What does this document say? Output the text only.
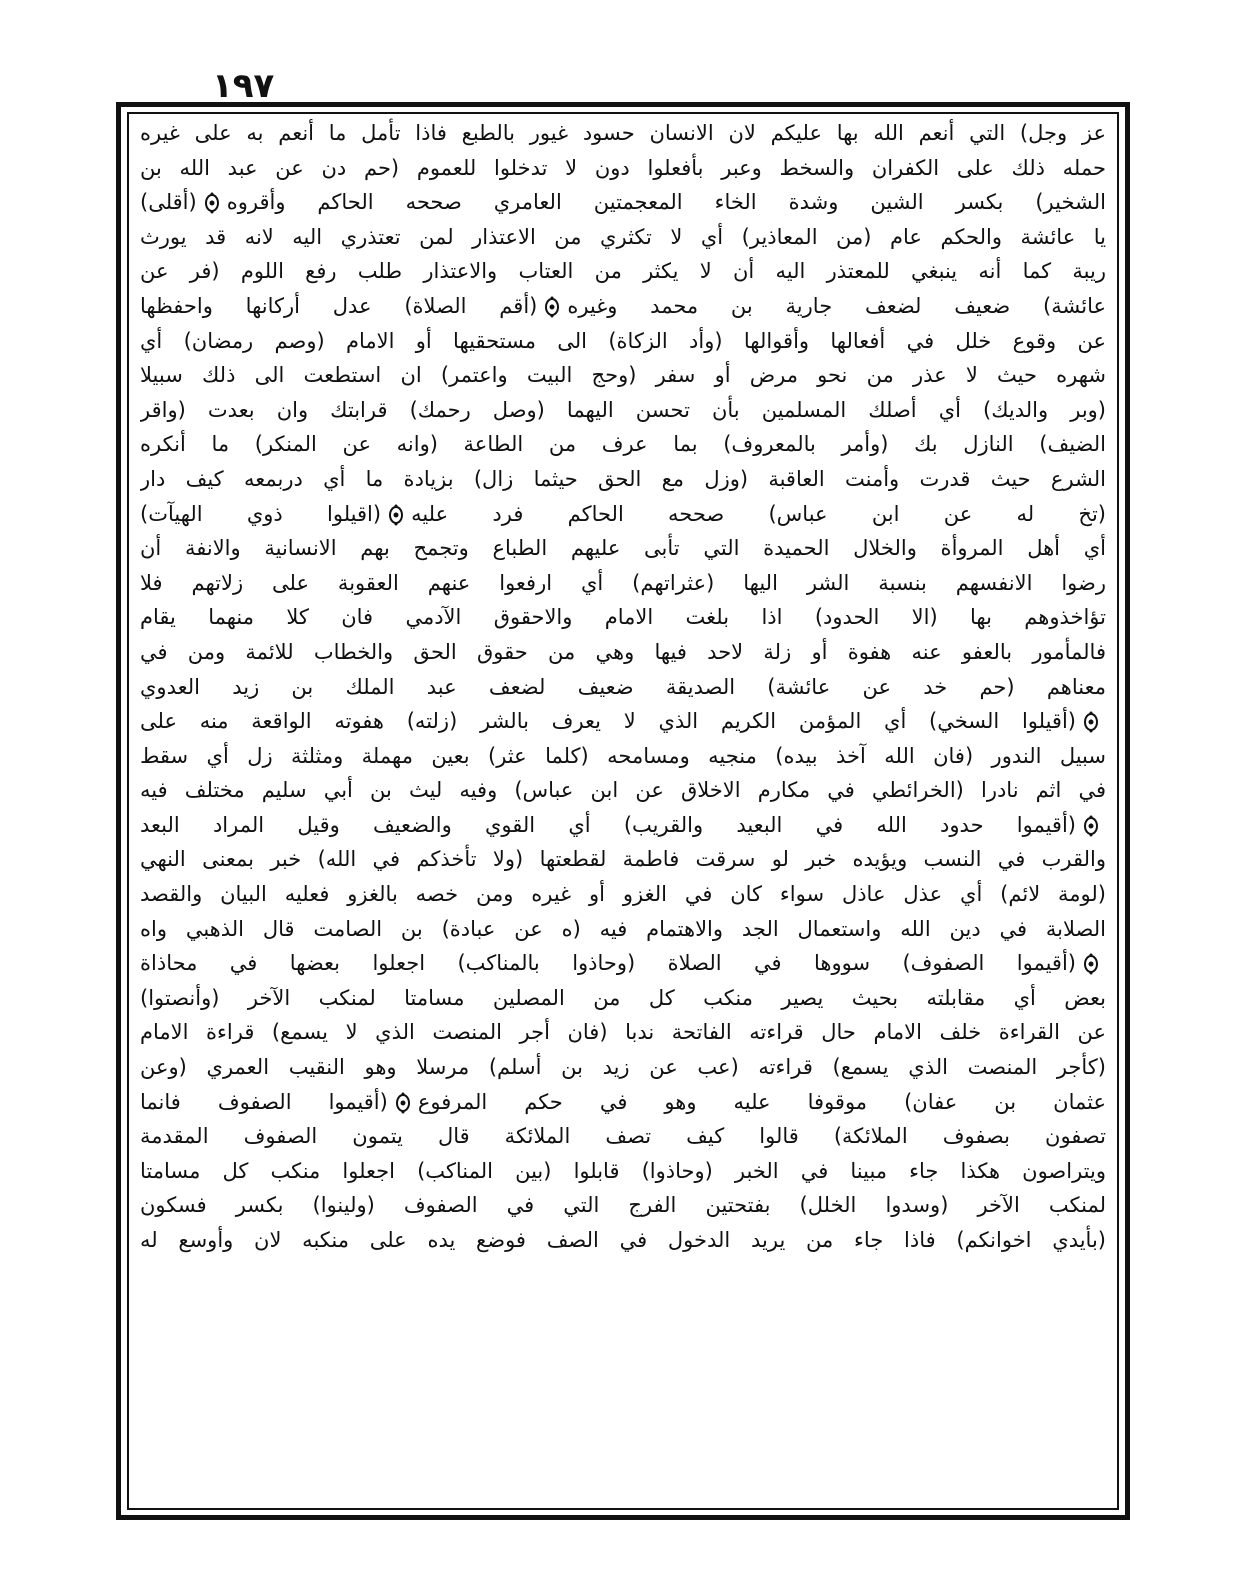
١٩٧
عز وجل) التي أنعم الله بها عليكم لان الانسان حسود غيور بالطبع فاذا تأمل ما أنعم به على غيره
حمله ذلك على الكفران والسخط وعبر بأفعلوا دون لا تدخلوا للعموم (حم دن عن عبد الله بن
الشخير) بكسر الشين وشدة الخاء المعجمتين العامري صححه الحاكم وأقروه
(أقلى)
يا عائشة والحكم عام (من المعاذير) أي لا تكثري من الاعتذار لمن تعتذري اليه لانه قد يورث
ريبة كما أنه ينبغي للمعتذر اليه أن لا يكثر من العتاب والاعتذار طلب رفع اللوم (فر عن
عائشة) ضعيف لضعف جارية بن محمد وغيره
(أقم الصلاة) عدل أركانها واحفظها
عن وقوع خلل في أفعالها وأقوالها (وأد الزكاة) الى مستحقيها أو الامام (وصم رمضان) أي
شهره حيث لا عذر من نحو مرض أو سفر (وحج البيت واعتمر) ان استطعت الى ذلك سبيلا
(وبر والديك) أي أصلك المسلمين بأن تحسن اليهما (وصل رحمك) قرابتك وان بعدت (واقر
الضيف) النازل بك (وأمر بالمعروف) بما عرف من الطاعة (وانه عن المنكر) ما أنكره
الشرع حيث قدرت وأمنت العاقبة (وزل مع الحق حيثما زال) بزيادة ما أي دربمعه كيف دار
(تخ له عن ابن عباس) صححه الحاكم فرد عليه
(اقيلوا ذوي الهيآت)
أي أهل المروأة والخلال الحميدة التي تأبى عليهم الطباع وتجمح بهم الانسانية والانفة أن
رضوا الانفسهم بنسبة الشر اليها (عثراتهم) أي ارفعوا عنهم العقوبة على زلاتهم فلا
تؤاخذوهم بها (الا الحدود) اذا بلغت الامام والاحقوق الآدمي فان كلا منهما يقام
فالمأمور بالعفو عنه هفوة أو زلة لاحد فيها وهي من حقوق الحق والخطاب للائمة ومن في
معناهم (حم خد عن عائشة) الصديقة ضعيف لضعف عبد الملك بن زيد العدوي
(أقيلوا السخي) أي المؤمن الكريم الذي لا يعرف بالشر (زلته) هفوته الواقعة منه على
سبيل الندور (فان الله آخذ بيده) منجيه ومسامحه (كلما عثر) بعين مهملة ومثلثة زل أي سقط
في اثم نادرا (الخرائطي في مكارم الاخلاق عن ابن عباس) وفيه ليث بن أبي سليم مختلف فيه
(أقيموا حدود الله في البعيد والقريب) أي القوي والضعيف وقيل المراد البعد
والقرب في النسب ويؤيده خبر لو سرقت فاطمة لقطعتها (ولا تأخذكم في الله) خبر بمعنى النهي
(لومة لائم) أي عذل عاذل سواء كان في الغزو أو غيره ومن خصه بالغزو فعليه البيان والقصد
الصلابة في دين الله واستعمال الجد والاهتمام فيه (ه عن عبادة) بن الصامت قال الذهبي واه
(أقيموا الصفوف) سووها في الصلاة (وحاذوا بالمناكب) اجعلوا بعضها في محاذاة
بعض أي مقابلته بحيث يصير منكب كل من المصلين مسامتا لمنكب الآخر (وأنصتوا)
عن القراءة خلف الامام حال قراءته الفاتحة ندبا (فان أجر المنصت الذي لا يسمع) قراءة الامام
(كأجر المنصت الذي يسمع) قراءته (عب عن زيد بن أسلم) مرسلا وهو النقيب العمري (وعن
عثمان بن عفان) موقوفا عليه وهو في حكم المرفوع
(أقيموا الصفوف فانما
تصفون بصفوف الملائكة) قالوا كيف تصف الملائكة قال يتمون الصفوف المقدمة
ويتراصون هكذا جاء مبينا في الخبر (وحاذوا) قابلوا (بين المناكب) اجعلوا منكب كل مسامتا
لمنكب الآخر (وسدوا الخلل) بفتحتين الفرج التي في الصفوف (ولينوا) بكسر فسكون
(بأيدي اخوانكم) فاذا جاء من يريد الدخول في الصف فوضع يده على منكبه لان وأوسع له
